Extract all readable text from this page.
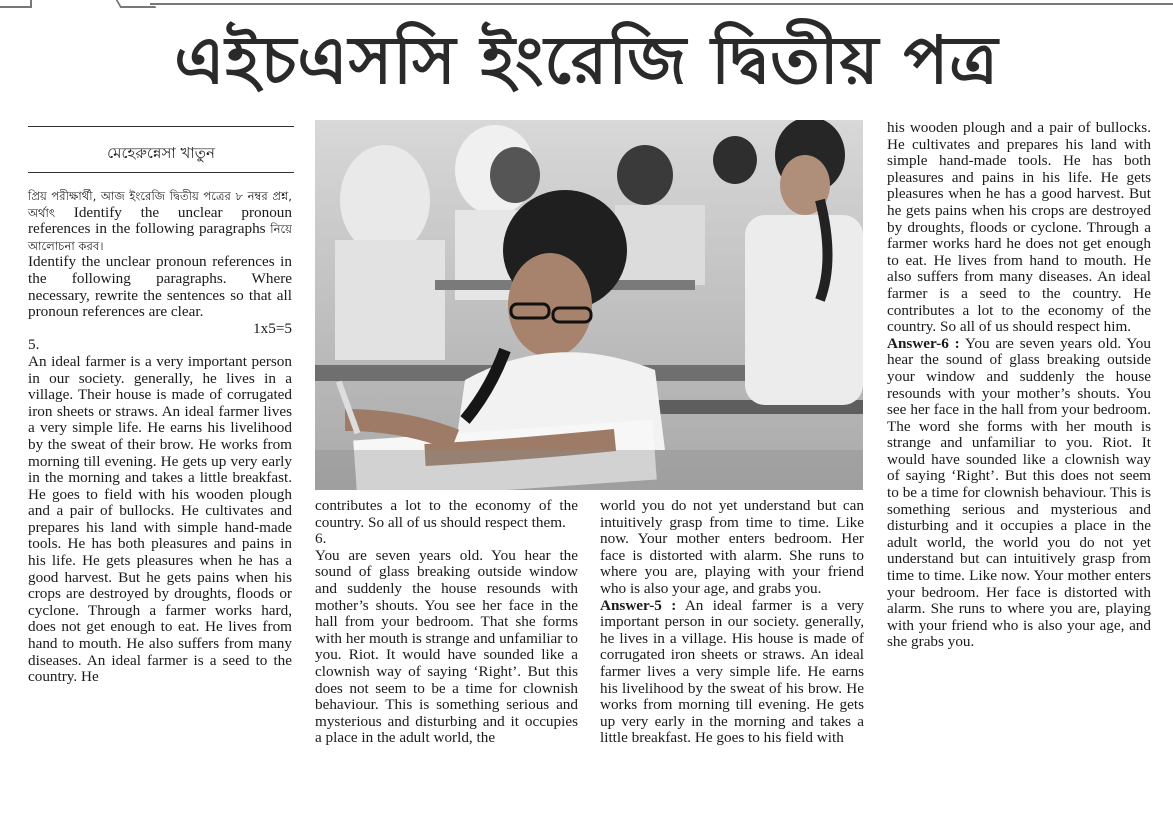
এইচএসসি ইংরেজি দ্বিতীয় পত্র
মেহেরুন্নেসা খাতুন

প্রিয় পরীক্ষার্থী, আজ ইংরেজি দ্বিতীয় পত্রের ৮ নম্বর প্রশ্ন, অর্থাৎ Identify the unclear pronoun references in the following paragraphs নিয়ে আলোচনা করব।

Identify the unclear pronoun references in the following paragraphs. Where necessary, rewrite the sentences so that all pronoun references are clear.

1x5=5

5.

An ideal farmer is a very important person in our society. generally, he lives in a village. Their house is made of corrugated iron sheets or straws. An ideal farmer lives a very simple life. He earns his livelihood by the sweat of their brow. He works from morning till evening. He gets up very early in the morning and takes a little breakfast. He goes to field with his wooden plough and a pair of bullocks. He cultivates and prepares his land with simple hand-made tools. He has both pleasures and pains in his life. He gets pleasures when he has a good harvest. But he gets pains when his crops are destroyed by droughts, floods or cyclone. Through a farmer works hard, does not get enough to eat. He lives from hand to mouth. He also suffers from many diseases. An ideal farmer is a seed to the country. He

contributes a lot to the economy of the country. So all of us should respect them.

6.

You are seven years old. You hear the sound of glass breaking outside window and suddenly the house resounds with mother’s shouts. You see her face in the hall from your bedroom. That she forms with her mouth is strange and unfamiliar to you. Riot. It would have sounded like a clownish way of saying ‘Right’. But this does not seem to be a time for clownish behaviour. This is something serious and mysterious and disturbing and it occupies a place in the adult world, the

world you do not yet understand but can intuitively grasp from time to time. Like now. Your mother enters bedroom. Her face is distorted with alarm. She runs to where you are, playing with your friend who is also your age, and grabs you.

Answer-5 : An ideal farmer is a very important person in our society. generally, he lives in a village. His house is made of corrugated iron sheets or straws. An ideal farmer lives a very simple life. He earns his livelihood by the sweat of his brow. He works from morning till evening. He gets up very early in the morning and takes a little breakfast. He goes to his field with

his wooden plough and a pair of bullocks. He cultivates and prepares his land with simple hand-made tools. He has both pleasures and pains in his life. He gets pleasures when he has a good harvest. But he gets pains when his crops are destroyed by droughts, floods or cyclone. Through a farmer works hard he does not get enough to eat. He lives from hand to mouth. He also suffers from many diseases. An ideal farmer is a seed to the country. He contributes a lot to the economy of the country. So all of us should respect him.

Answer-6 : You are seven years old. You hear the sound of glass breaking outside your window and suddenly the house resounds with your mother’s shouts. You see her face in the hall from your bedroom. The word she forms with her mouth is strange and unfamiliar to you. Riot. It would have sounded like a clownish way of saying ‘Right’. But this does not seem to be a time for clownish behaviour. This is something serious and mysterious and disturbing and it occupies a place in the adult world, the world you do not yet understand but can intuitively grasp from time to time. Like now. Your mother enters your bedroom. Her face is distorted with alarm. She runs to where you are, playing with your friend who is also your age, and she grabs you.
